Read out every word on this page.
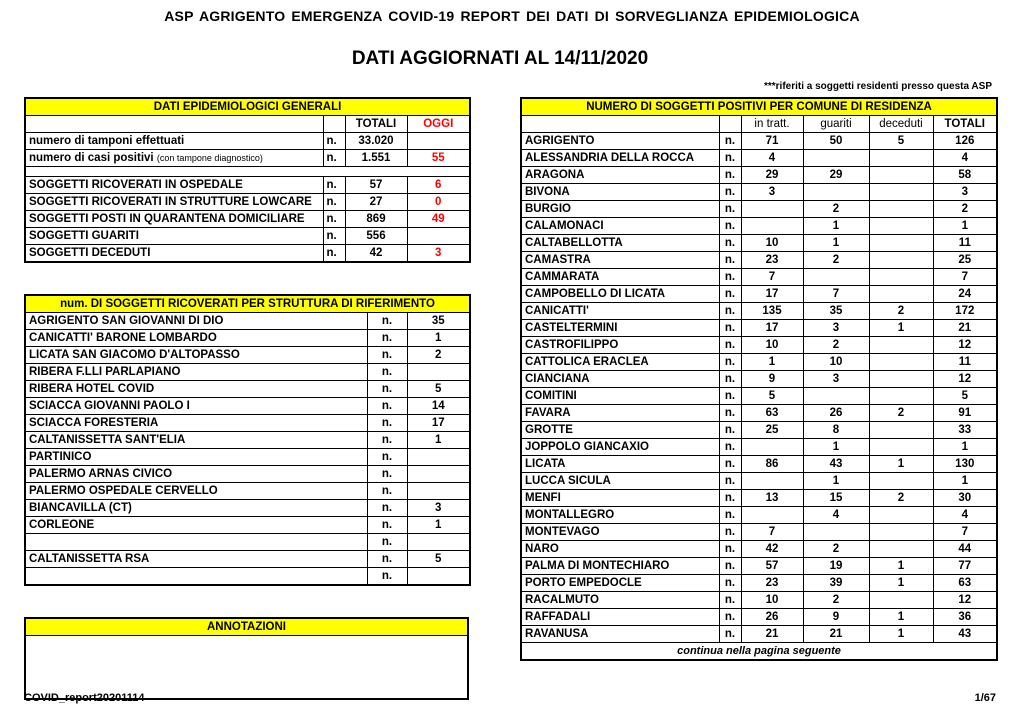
ASP AGRIGENTO EMERGENZA COVID-19 REPORT DEI DATI DI SORVEGLIANZA EPIDEMIOLOGICA
DATI AGGIORNATI AL 14/11/2020
***riferiti a soggetti residenti presso questa ASP
DATI EPIDEMIOLOGICI GENERALI			
		TOTALI	OGGI
numero di tamponi effettuati	n.	33.020	
numero di casi positivi (con tampone diagnostico)	n.	1.551	55

SOGGETTI RICOVERATI IN OSPEDALE	n.	57	6
SOGGETTI RICOVERATI IN STRUTTURE LOWCARE	n.	27	0
SOGGETTI POSTI IN QUARANTENA DOMICILIARE	n.	869	49
SOGGETTI GUARITI	n.	556	
SOGGETTI DECEDUTI	n.	42	3
num. DI SOGGETTI RICOVERATI PER STRUTTURA DI RIFERIMENTO		
AGRIGENTO SAN GIOVANNI DI DIO	n.	35
CANICATTI' BARONE LOMBARDO	n.	1
LICATA SAN GIACOMO D'ALTOPASSO	n.	2
RIBERA F.LLI PARLAPIANO	n.	
RIBERA HOTEL COVID	n.	5
SCIACCA GIOVANNI PAOLO I	n.	14
SCIACCA FORESTERIA	n.	17
CALTANISSETTA SANT'ELIA	n.	1
PARTINICO	n.	
PALERMO ARNAS CIVICO	n.	
PALERMO OSPEDALE CERVELLO	n.	
BIANCAVILLA (CT)	n.	3
CORLEONE	n.	1
	n.	
CALTANISSETTA RSA	n.	5
	n.	
ANNOTAZIONI

NUMERO DI SOGGETTI POSITIVI PER COMUNE DI RESIDENZA					
		in tratt.	guariti	deceduti	TOTALI
AGRIGENTO	n.	71	50	5	126
ALESSANDRIA DELLA ROCCA	n.	4			4
ARAGONA	n.	29	29		58
BIVONA	n.	3			3
BURGIO	n.		2		2
CALAMONACI	n.		1		1
CALTABELLOTTA	n.	10	1		11
CAMASTRA	n.	23	2		25
CAMMARATA	n.	7			7
CAMPOBELLO DI LICATA	n.	17	7		24
CANICATTI'	n.	135	35	2	172
CASTELTERMINI	n.	17	3	1	21
CASTROFILIPPO	n.	10	2		12
CATTOLICA ERACLEA	n.	1	10		11
CIANCIANA	n.	9	3		12
COMITINI	n.	5			5
FAVARA	n.	63	26	2	91
GROTTE	n.	25	8		33
JOPPOLO GIANCAXIO	n.		1		1
LICATA	n.	86	43	1	130
LUCCA SICULA	n.		1		1
MENFI	n.	13	15	2	30
MONTALLEGRO	n.		4		4
MONTEVAGO	n.	7			7
NARO	n.	42	2		44
PALMA DI MONTECHIARO	n.	57	19	1	77
PORTO EMPEDOCLE	n.	23	39	1	63
RACALMUTO	n.	10	2		12
RAFFADALI	n.	26	9	1	36
RAVANUSA	n.	21	21	1	43
continua nella pagina seguente					
COVID_report20201114	1/67
